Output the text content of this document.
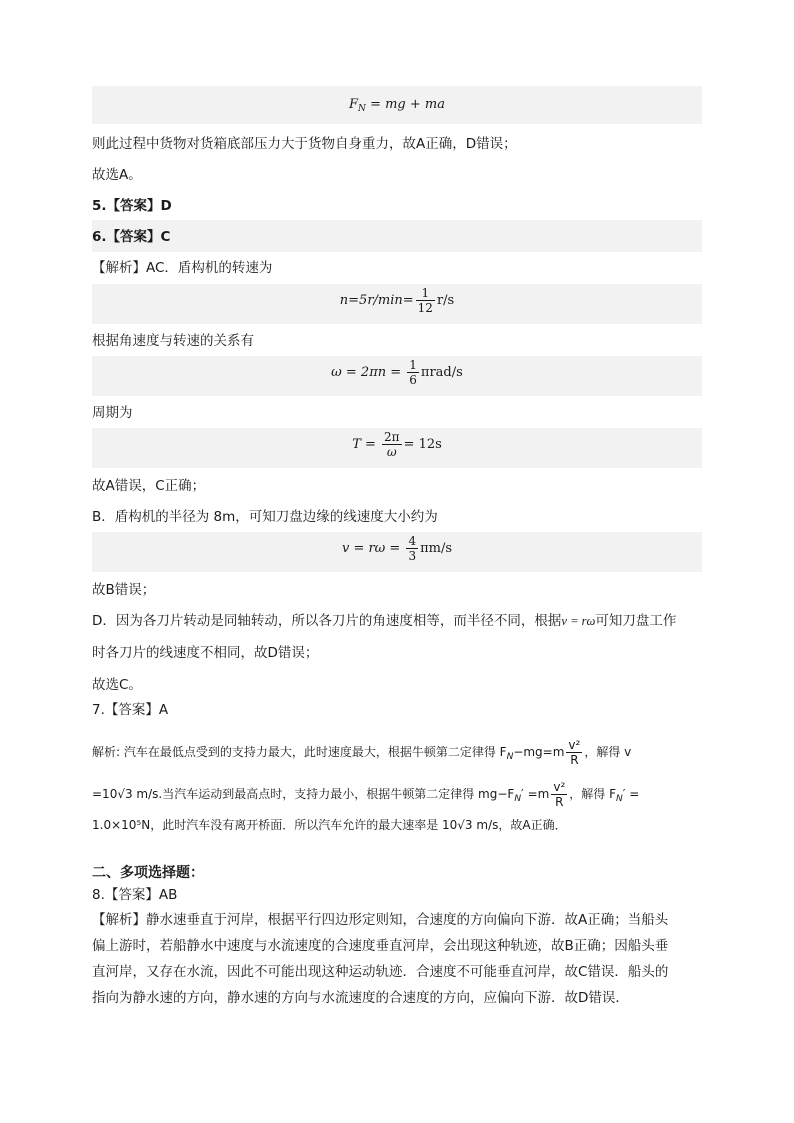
$F_N$ = mg + ma
则此过程中货物对货箱底部压力大于货物自身重力，故A正确，D错误；
故选A。
5.【答案】D
6.【答案】C
【解析】AC．盾构机的转速为
$n=5r/\min= \frac{1}{12} r/s$
根据角速度与转速的关系有
$\omega = 2\pi n = \frac{1}{6} \pi rad/s$
周期为
$T = \frac{2\pi}{\omega} = 12s$
故A错误，C正确；
B．盾构机的半径为 8m，可知刀盘边缘的线速度大小约为
$v = r\omega = \frac{4}{3} \pi m/s$
故B错误；
D．因为各刀片转动是同轴转动，所以各刀片的角速度相等，而半径不同，根据v = rω可知刀盘工作
时各刀片的线速度不相同，故D错误；
故选C。
7.【答案】A
解析: 汽车在最低点受到的支持力最大，此时速度最大，根据牛顿第二定律得 $F_N-mg=m \frac{\text{v²}}{R}$ ，解得 v
=10√3 m/s.当汽车运动到最高点时，支持力最小，根据牛顿第二定律得 $mg-F_N' =m \frac{\text{v²}}{R}$ ，解得 $F_N'$ =
1.0×10⁵N，此时汽车没有离开桥面．所以汽车允许的最大速率是 10√3 m/s，故A正确．
二、多项选择题：
8.【答案】AB
【解析】静水速垂直于河岸，根据平行四边形定则知，合速度的方向偏向下游．故A正确；当船头
偏上游时，若船静水中速度与水流速度的合速度垂直河岸，会出现这种轨迹，故B正确；因船头垂
直河岸，又存在水流，因此不可能出现这种运动轨迹．合速度不可能垂直河岸，故C错误．船头的
指向为静水速的方向，静水速的方向与水流速度的合速度的方向，应偏向下游．故D错误．
